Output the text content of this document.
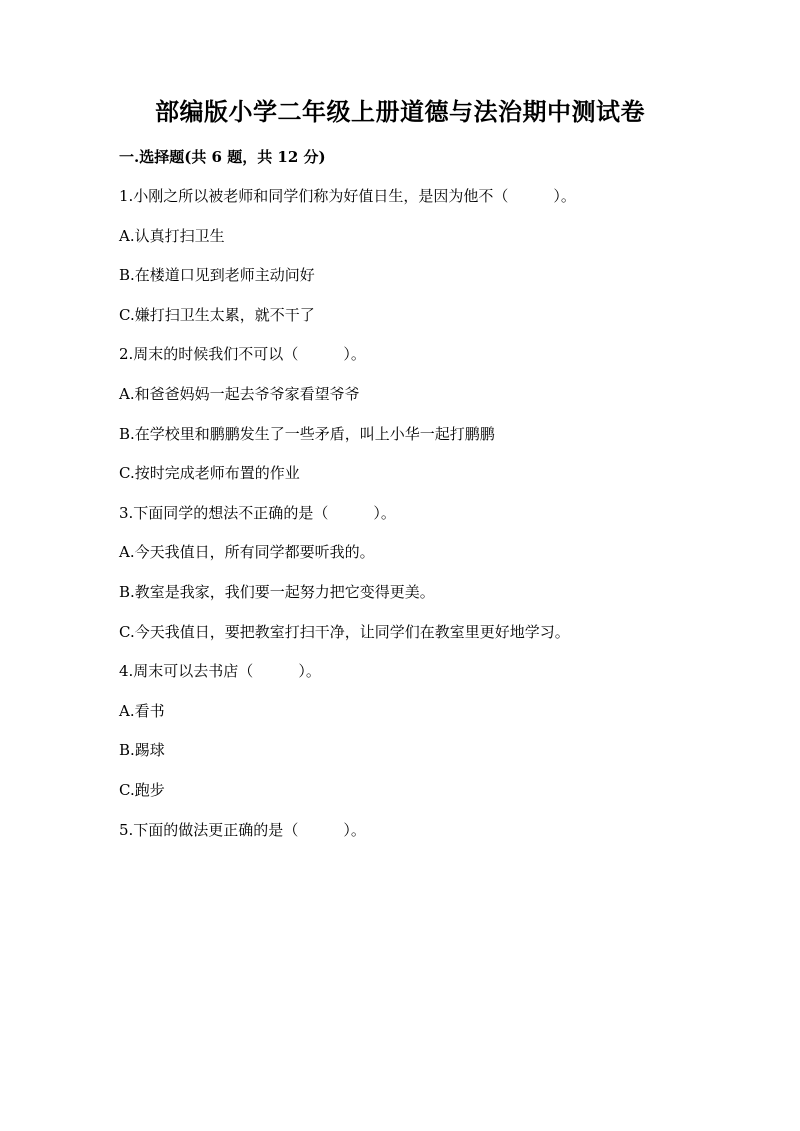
部编版小学二年级上册道德与法治期中测试卷
一.选择题(共 6 题，共 12 分)
1.小刚之所以被老师和同学们称为好值日生，是因为他不（　　　）。
A.认真打扫卫生
B.在楼道口见到老师主动问好
C.嫌打扫卫生太累，就不干了
2.周末的时候我们不可以（　　　）。
A.和爸爸妈妈一起去爷爷家看望爷爷
B.在学校里和鹏鹏发生了一些矛盾，叫上小华一起打鹏鹏
C.按时完成老师布置的作业
3.下面同学的想法不正确的是（　　　）。
A.今天我值日，所有同学都要听我的。
B.教室是我家，我们要一起努力把它变得更美。
C.今天我值日，要把教室打扫干净，让同学们在教室里更好地学习。
4.周末可以去书店（　　　）。
A.看书
B.踢球
C.跑步
5.下面的做法更正确的是（　　　）。
